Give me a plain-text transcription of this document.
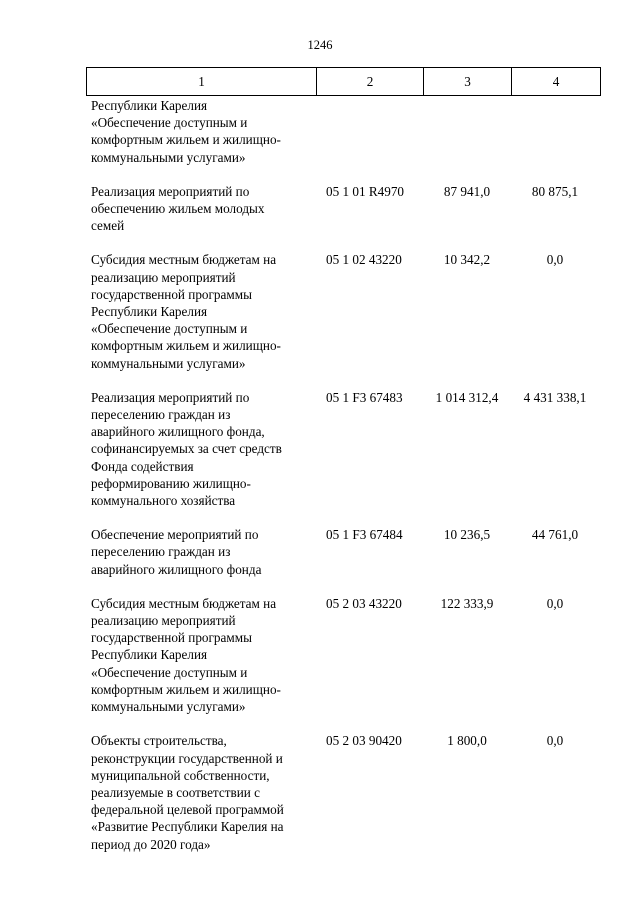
1246
1	2	3	4
Республики Карелия
«Обеспечение доступным и
комфортным жильем и жилищно-
коммунальными услугами»
Реализация мероприятий по
обеспечению жильем молодых
семей
05 1 01 R4970	87 941,0	80 875,1
Субсидия местным бюджетам на
реализацию мероприятий
государственной программы
Республики Карелия
«Обеспечение доступным и
комфортным жильем и жилищно-
коммунальными услугами»
05 1 02 43220	10 342,2	0,0
Реализация мероприятий по
переселению граждан из
аварийного жилищного фонда,
софинансируемых за счет средств
Фонда содействия
реформированию жилищно-
коммунального хозяйства
05 1 F3 67483	1 014 312,4	4 431 338,1
Обеспечение мероприятий по
переселению граждан из
аварийного жилищного фонда
05 1 F3 67484	10 236,5	44 761,0
Субсидия местным бюджетам на
реализацию мероприятий
государственной программы
Республики Карелия
«Обеспечение доступным и
комфортным жильем и жилищно-
коммунальными услугами»
05 2 03 43220	122 333,9	0,0
Объекты строительства,
реконструкции государственной и
муниципальной собственности,
реализуемые в соответствии с
федеральной целевой программой
«Развитие Республики Карелия на
период до 2020 года»
05 2 03 90420	1 800,0	0,0
